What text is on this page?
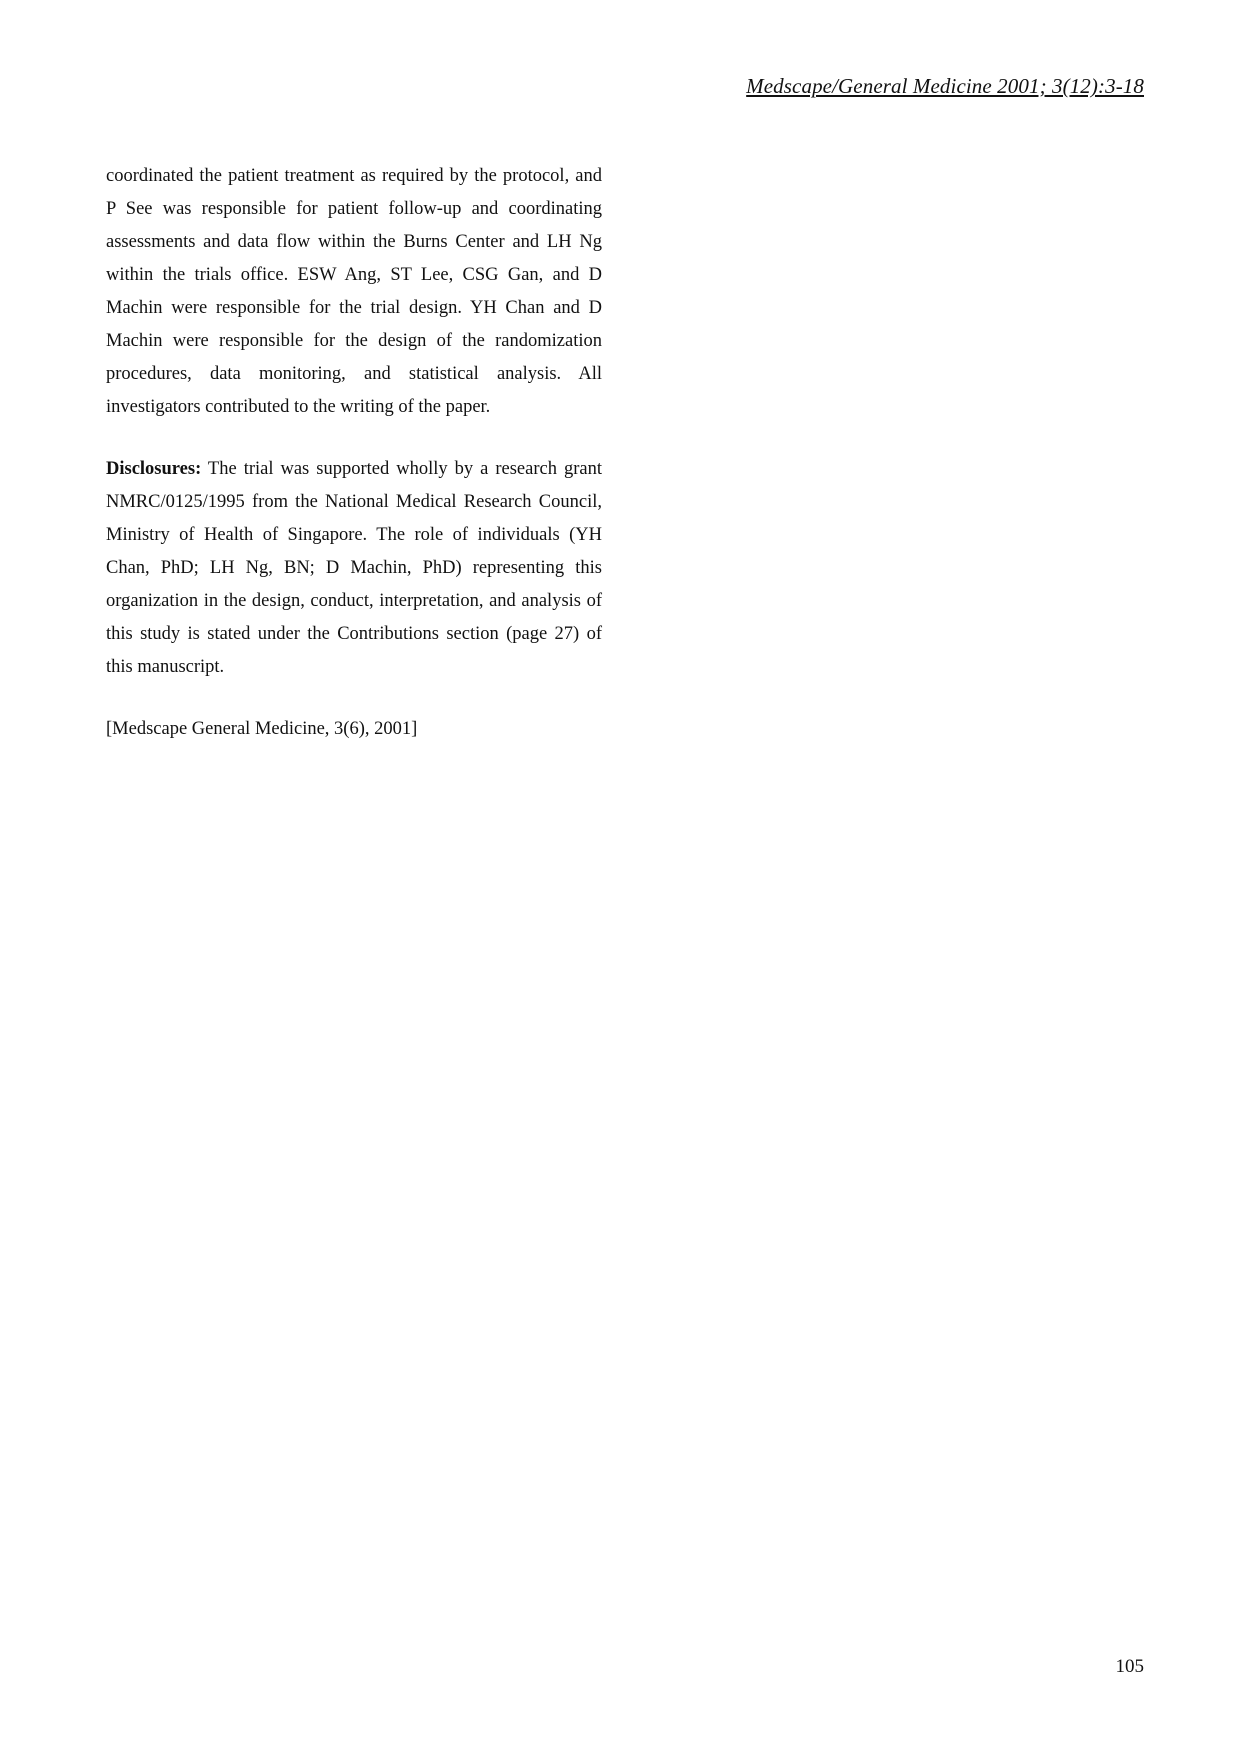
Medscape/General Medicine 2001; 3(12):3-18

coordinated the patient treatment as required by the protocol, and P See was responsible for patient follow-up and coordinating assessments and data flow within the Burns Center and LH Ng within the trials office. ESW Ang, ST Lee, CSG Gan, and D Machin were responsible for the trial design. YH Chan and D Machin were responsible for the design of the randomization procedures, data monitoring, and statistical analysis. All investigators contributed to the writing of the paper.

Disclosures: The trial was supported wholly by a research grant NMRC/0125/1995 from the National Medical Research Council, Ministry of Health of Singapore. The role of individuals (YH Chan, PhD; LH Ng, BN; D Machin, PhD) representing this organization in the design, conduct, interpretation, and analysis of this study is stated under the Contributions section (page 27) of this manuscript.

[Medscape General Medicine, 3(6), 2001]

105
